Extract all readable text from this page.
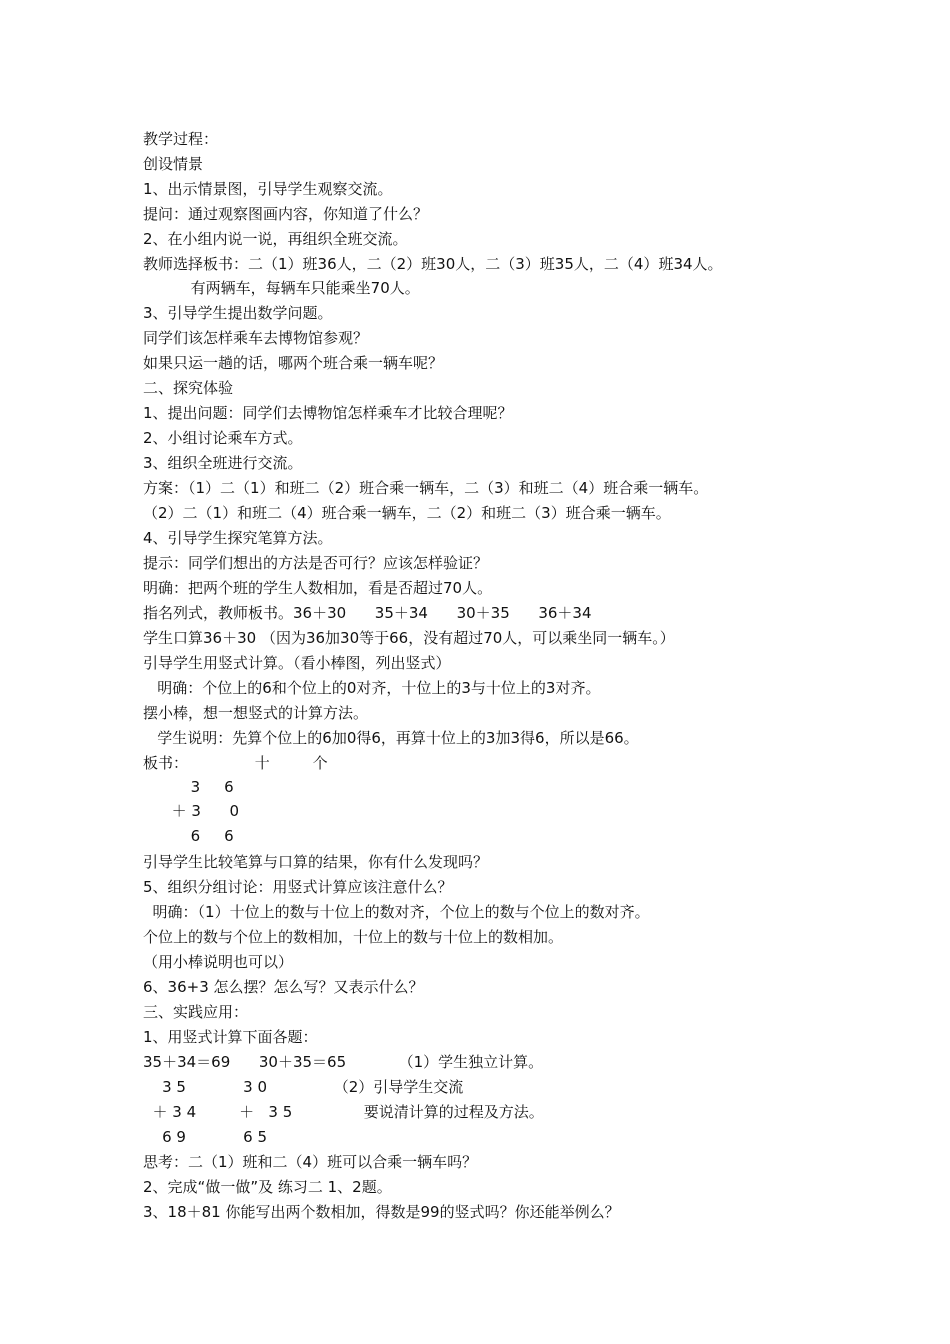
教学过程：
创设情景
1、出示情景图，引导学生观察交流。
提问：通过观察图画内容，你知道了什么？
2、在小组内说一说，再组织全班交流。
教师选择板书：二（1）班36人，二（2）班30人，二（3）班35人，二（4）班34人。
有两辆车，每辆车只能乘坐70人。
3、引导学生提出数学问题。
同学们该怎样乘车去博物馆参观？
如果只运一趟的话，哪两个班合乘一辆车呢？
二、探究体验
1、提出问题：同学们去博物馆怎样乘车才比较合理呢？
2、小组讨论乘车方式。
3、组织全班进行交流。
方案：（1）二（1）和班二（2）班合乘一辆车，二（3）和班二（4）班合乘一辆车。
（2）二（1）和班二（4）班合乘一辆车，二（2）和班二（3）班合乘一辆车。
4、引导学生探究笔算方法。
提示：同学们想出的方法是否可行？应该怎样验证？
明确：把两个班的学生人数相加，看是否超过70人。
指名列式，教师板书。36＋30      35＋34      30＋35      36＋34
学生口算36＋30 （因为36加30等于66，没有超过70人，可以乘坐同一辆车。）
引导学生用竖式计算。（看小棒图，列出竖式）
明确：个位上的6和个位上的0对齐，十位上的3与十位上的3对齐。
摆小棒，想一想竖式的计算方法。
学生说明：先算个位上的6加0得6，再算十位上的3加3得6，所以是66。
板书：              十         个
3     6
＋ 3      0
6     6
引导学生比较笔算与口算的结果，你有什么发现吗？
5、组织分组讨论：用竖式计算应该注意什么？
明确：（1）十位上的数与十位上的数对齐，个位上的数与个位上的数对齐。
个位上的数与个位上的数相加，十位上的数与十位上的数相加。
（用小棒说明也可以）
6、36+3 怎么摆？怎么写？又表示什么？
三、实践应用：
1、用竖式计算下面各题：
35＋34＝69      30＋35＝65           （1）学生独立计算。
3 5            3 0              （2）引导学生交流
＋ 3 4         ＋   3 5               要说清计算的过程及方法。
6 9            6 5
思考：二（1）班和二（4）班可以合乘一辆车吗？
2、完成“做一做”及 练习二 1、2题。
3、18＋81 你能写出两个数相加，得数是99的竖式吗？你还能举例么？
